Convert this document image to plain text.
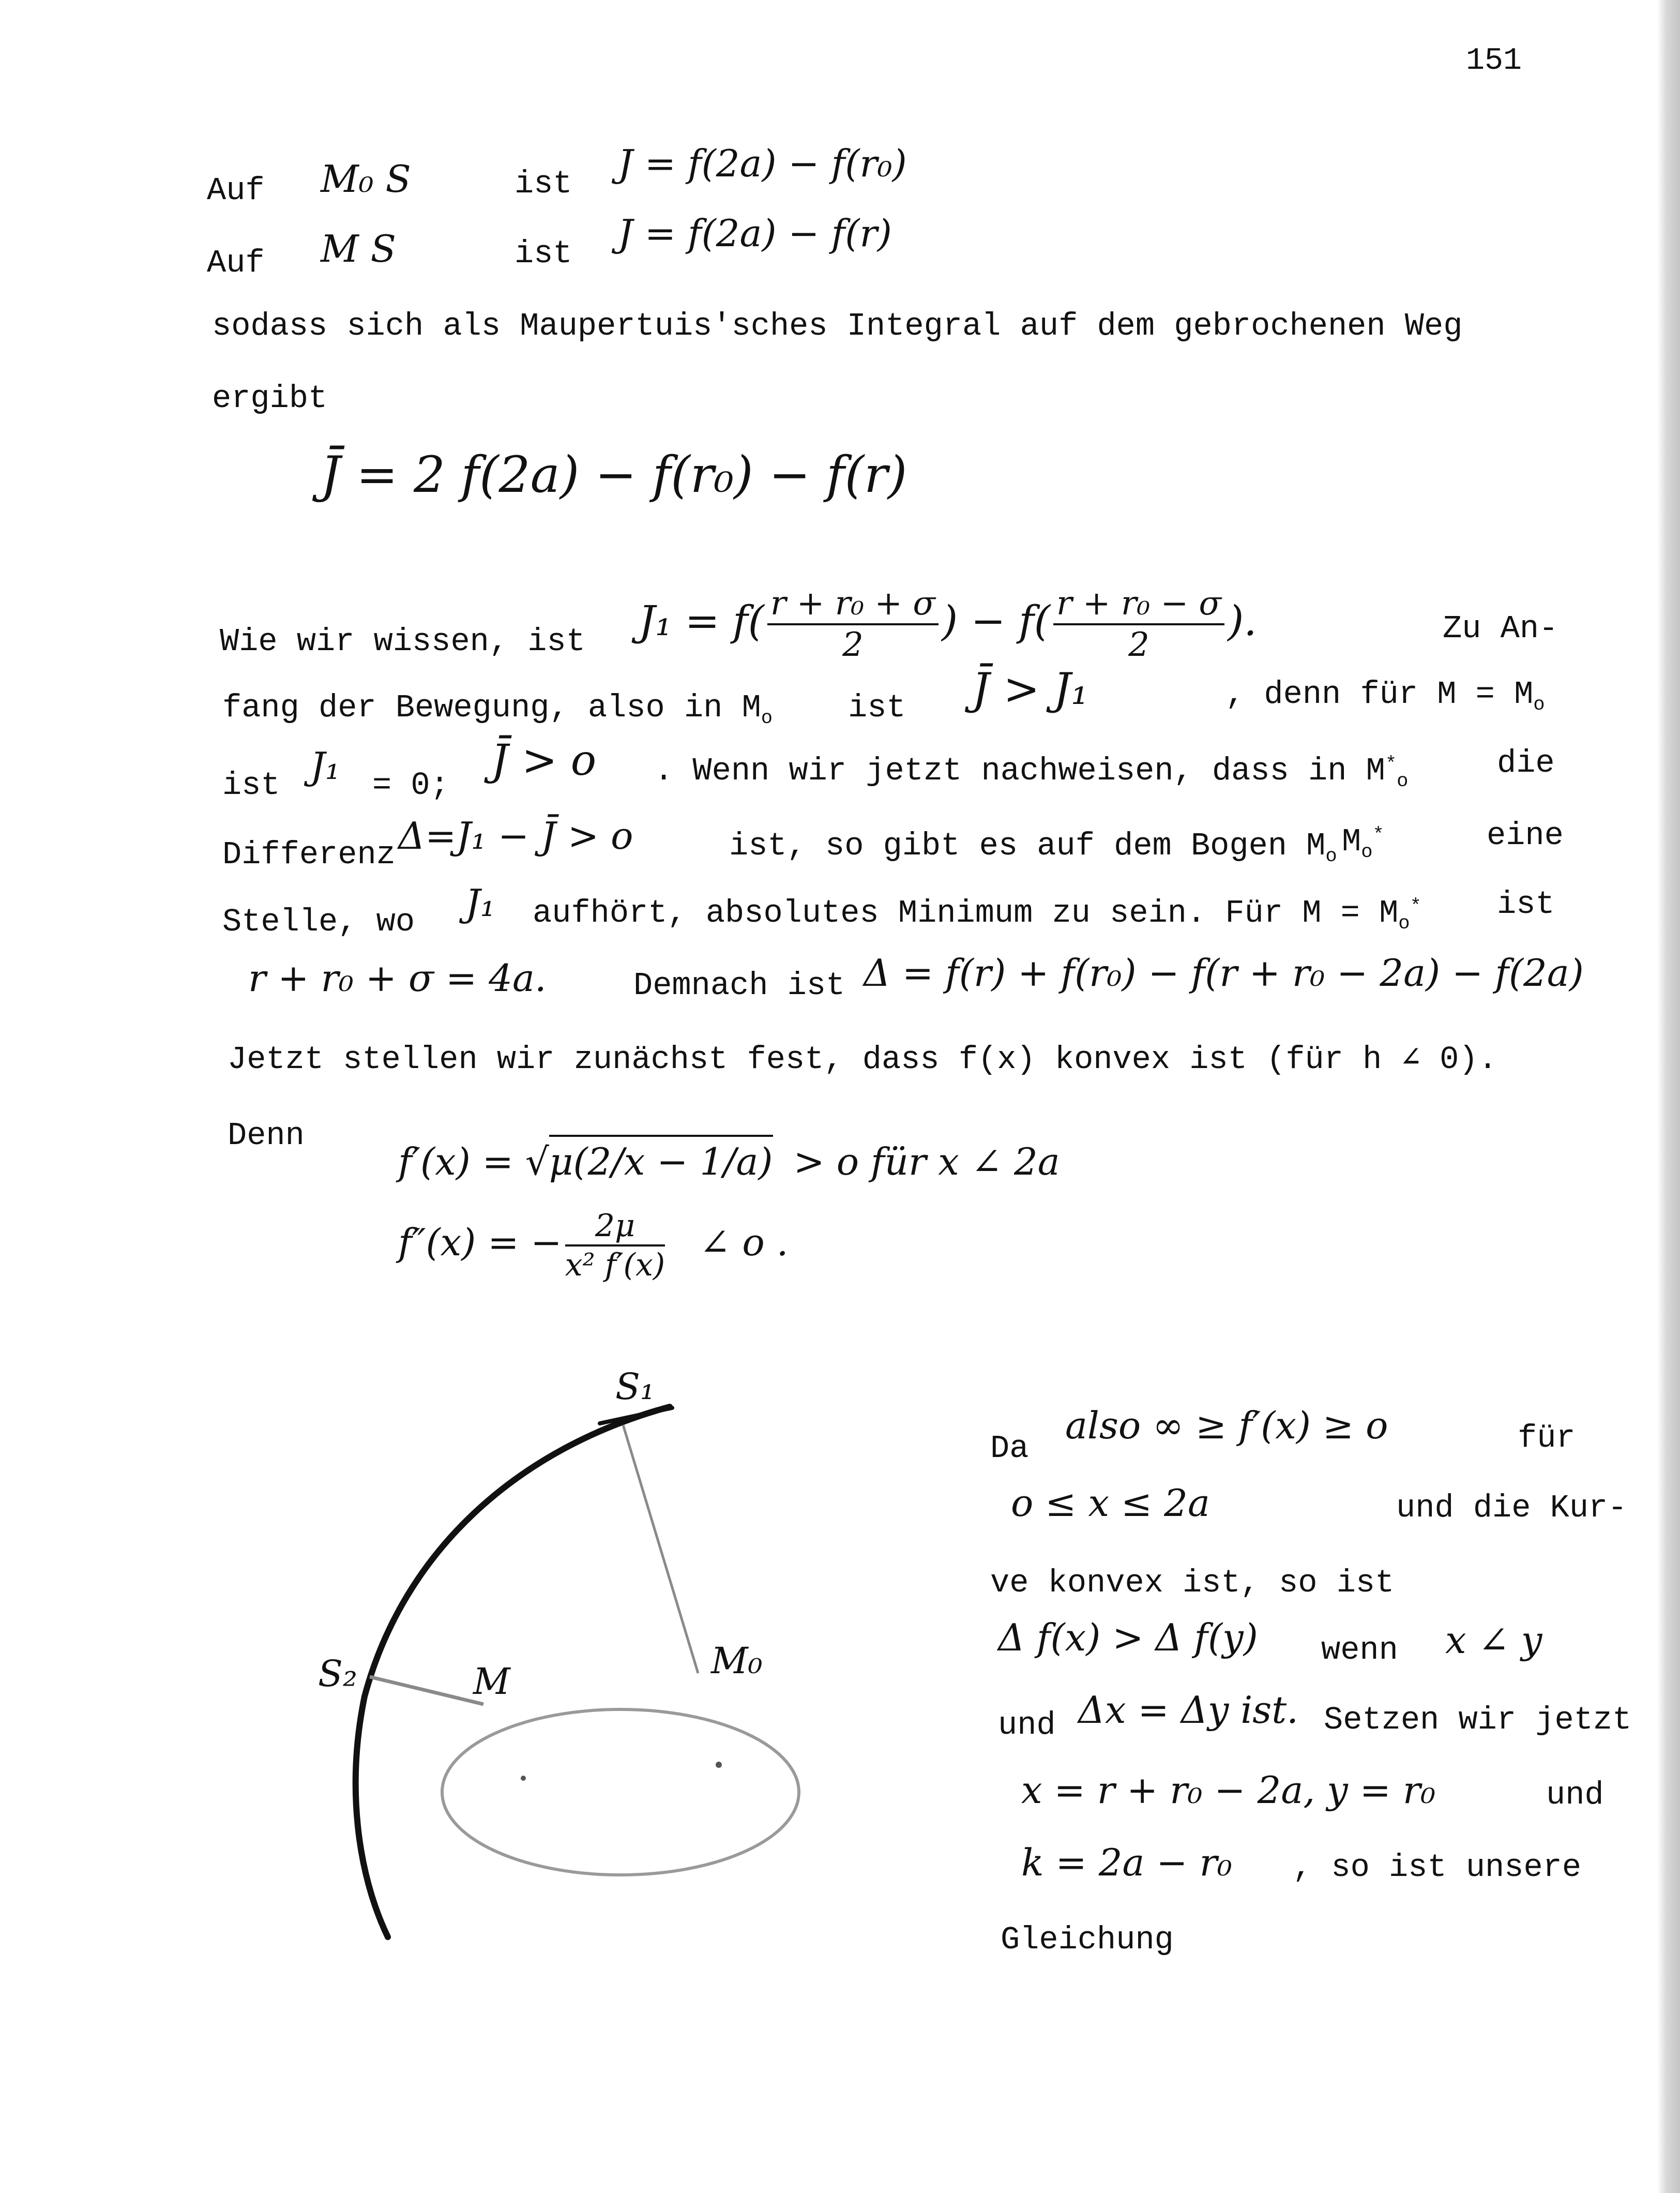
151
Auf M₀ S	ist J = f(2a) − f(r₀)
Auf M S	ist J = f(2a) − f(r)
sodass sich als Maupertuis'sches Integral auf dem gebrochenen Weg
ergibt
J̄ = 2 f(2a) − f(r₀) − f(r)
Wie wir wissen, ist $J_1 = f( \frac{\text{r + r₀ + σ}}{2}$ ) − $f( \frac{\text{r + r₀ − σ}}{2}$ ).	Zu An-
fang der Bewegung, also in $M_o$ ist J̄ > J₁	, denn für $M = M_o$
ist J₁ = 0;
J̄ > o . Wenn wir jetzt nachweisen, dass in $M^*_o$
die
Differenz Δ=J₁ − J̄ > o	ist, so gibt es auf dem Bogen $M_o$ $M_o^*$	eine
Stelle, wo J₁ aufhört, absolutes Minimum zu sein. Für $M = M_o^*$ ist
r + r₀ + σ = 4a.	Demnach ist Δ = f(r) + f(r₀) − f(r + r₀ − 2a) − f(2a)
Jetzt stellen wir zunächst fest, dass f(x) konvex ist (für h ∠ 0).
Denn
f′(x) = √μ(2/x − 1/a) > o für x ∠ 2a
f″(x) = − $\frac{2\mu}{\text{x² f′(x)}}$ ∠ o .
S₁
S₂	M	M₀
Da
also ∞ ≥ f′(x) ≥ o	für
o ≤ x ≤ 2a	und die Kur-
ve konvex ist, so ist
Δ f(x) > Δ f(y) wenn x ∠ y
und Δx = Δy ist. Setzen wir jetzt
x = r + r₀ − 2a, y = r₀	und
k = 2a − r₀ , so ist unsere
Gleichung
